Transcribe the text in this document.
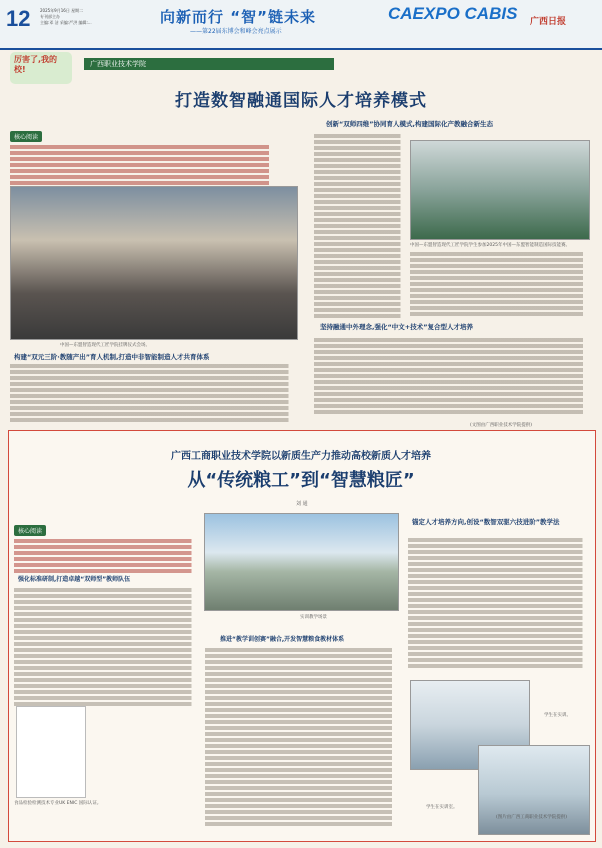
12 2025年9月16日 星期二
专刊部主办
主编:邓 洁 采编:严洪 编辑:...	向新而行 “智”链未来
——第22届东博会和峰会亮点展示
CAEXPO CABIS 广西日报
厉害了,我的校!
广西职业技术学院
打造数智融通国际人才培养模式
核心阅读
中国—东盟智造现代工匠学院挂牌仪式会场。
构建“双元三阶·教随产出”育人机制,打造中非智能制造人才共育体系
创新“双师四维”协同育人模式,构建国际化产教融合新生态
中国—东盟智造现代工匠学院学生参加2025年中国—东盟智能制造国际技能赛。
坚持融通中外理念,强化“中文+技术”复合型人才培养
(文图由广西职业技术学院提供)
广西工商职业技术学院以新质生产力推动高校新质人才培养
从“传统粮工”到“智慧粮匠”
刘 通
核心阅读
实训教学场景
强化标准研制,打造卓越“双师型”教师队伍
食品检验检测技术专业UK ENIC 国际认证。
推进“教学训创赛”融合,开发智慧粮食教材体系
锚定人才培养方向,创设“数智双驱六技进阶”教学法
学生在实训。
学生在实训室。
(图片由广西工商职业技术学院提供)
